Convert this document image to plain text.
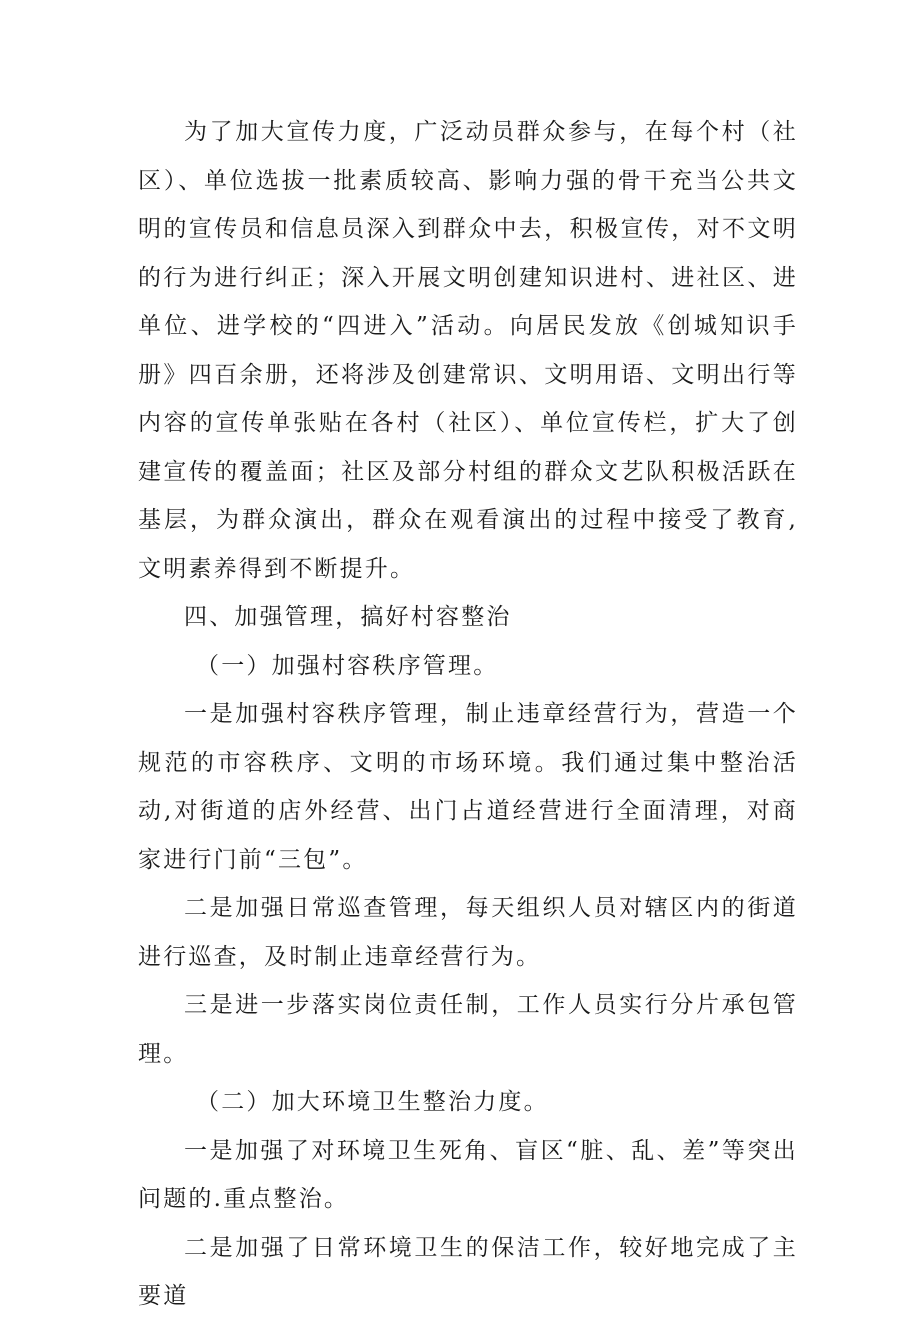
为了加大宣传力度，广泛动员群众参与，在每个村（社区）、单位选拔一批素质较高、影响力强的骨干充当公共文明的宣传员和信息员深入到群众中去，积极宣传，对不文明的行为进行纠正；深入开展文明创建知识进村、进社区、进单位、进学校的“四进入”活动。向居民发放《创城知识手册》四百余册，还将涉及创建常识、文明用语、文明出行等内容的宣传单张贴在各村（社区）、单位宣传栏，扩大了创建宣传的覆盖面；社区及部分村组的群众文艺队积极活跃在基层，为群众演出，群众在观看演出的过程中接受了教育,文明素养得到不断提升。

四、加强管理，搞好村容整治

（一）加强村容秩序管理。

一是加强村容秩序管理，制止违章经营行为，营造一个规范的市容秩序、文明的市场环境。我们通过集中整治活动,对街道的店外经营、出门占道经营进行全面清理，对商家进行门前“三包”。

二是加强日常巡查管理，每天组织人员对辖区内的街道进行巡查，及时制止违章经营行为。

三是进一步落实岗位责任制，工作人员实行分片承包管理。

（二）加大环境卫生整治力度。

一是加强了对环境卫生死角、盲区“脏、乱、差”等突出问题的.重点整治。

二是加强了日常环境卫生的保洁工作，较好地完成了主要道
